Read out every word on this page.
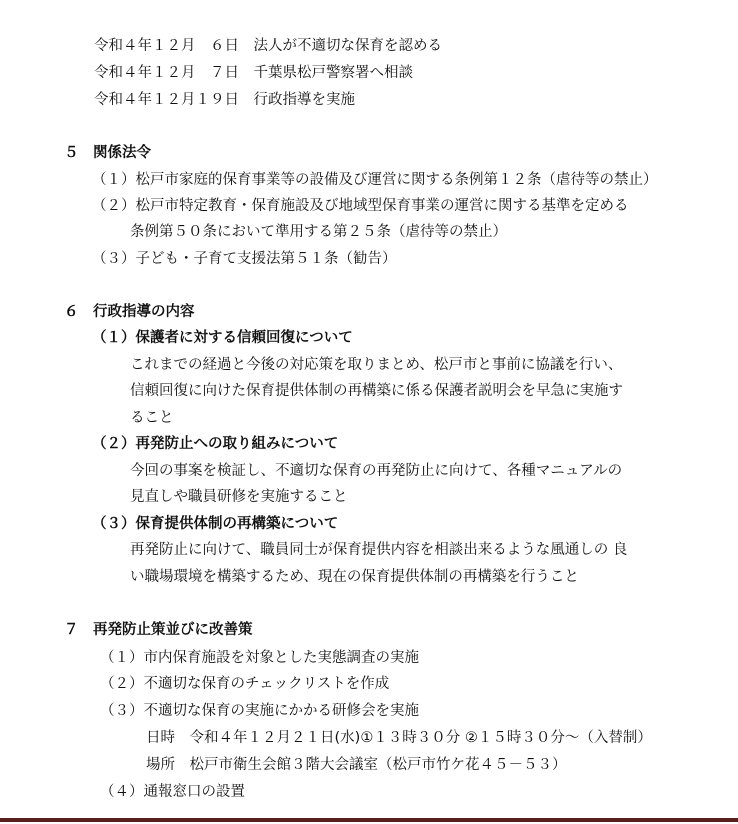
令和４年１２月　６日　法人が不適切な保育を認める
令和４年１２月　７日　千葉県松戸警察署へ相談
令和４年１２月１９日　行政指導を実施
５　関係法令
（１）松戸市家庭的保育事業等の設備及び運営に関する条例第１２条（虐待等の禁止）
（２）松戸市特定教育・保育施設及び地域型保育事業の運営に関する基準を定める
条例第５０条において準用する第２５条（虐待等の禁止）
（３）子ども・子育て支援法第５１条（勧告）
６　行政指導の内容
（１）保護者に対する信頼回復について
これまでの経過と今後の対応策を取りまとめ、松戸市と事前に協議を行い、
信頼回復に向けた保育提供体制の再構築に係る保護者説明会を早急に実施す
ること
（２）再発防止への取り組みについて
今回の事案を検証し、不適切な保育の再発防止に向けて、各種マニュアルの
見直しや職員研修を実施すること
（３）保育提供体制の再構築について
再発防止に向けて、職員同士が保育提供内容を相談出来るような風通しの 良
い職場環境を構築するため、現在の保育提供体制の再構築を行うこと
７　再発防止策並びに改善策
（１）市内保育施設を対象とした実態調査の実施
（２）不適切な保育のチェックリストを作成
（３）不適切な保育の実施にかかる研修会を実施
日時　令和４年１２月２１日(水)①１３時３０分 ②１５時３０分～（入替制）
場所　松戸市衛生会館３階大会議室（松戸市竹ケ花４５－５３）
（４）通報窓口の設置
